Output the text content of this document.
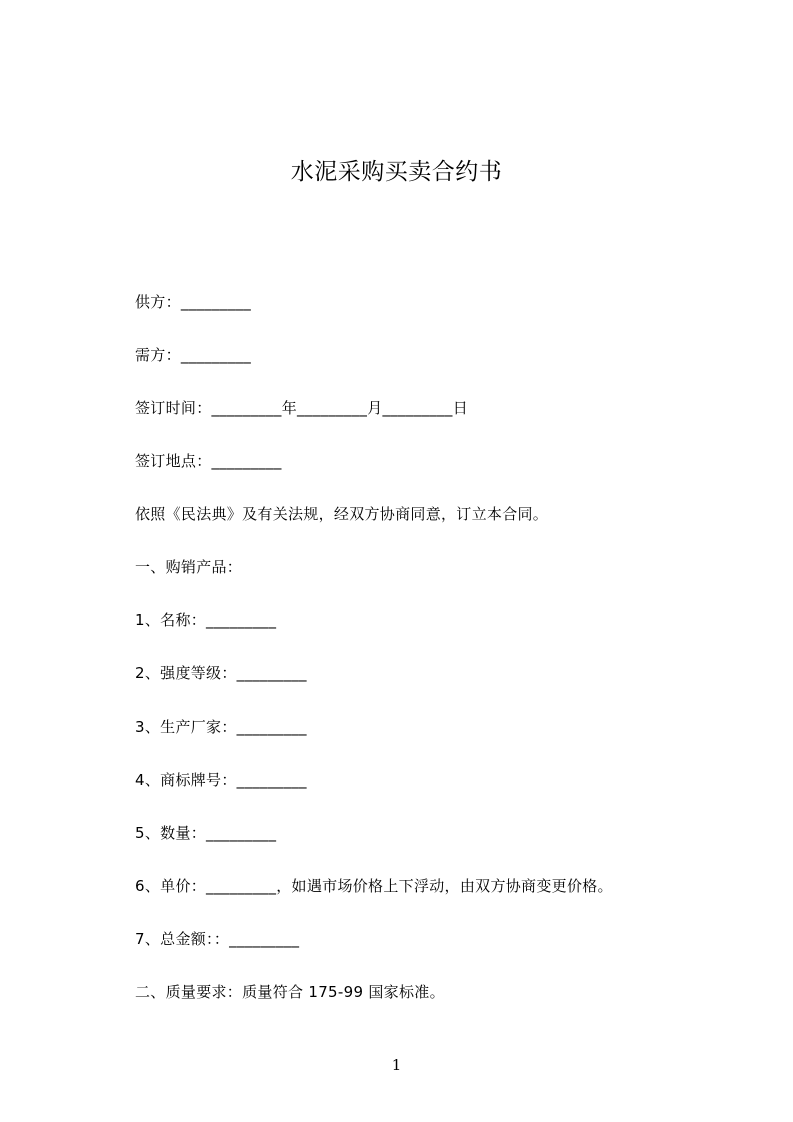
水泥采购买卖合约书
供方：_________
需方：_________
签订时间：_________年_________月_________日
签订地点：_________
依照《民法典》及有关法规，经双方协商同意，订立本合同。
一、购销产品：
1、名称：_________
2、强度等级：_________
3、生产厂家：_________
4、商标牌号：_________
5、数量：_________
6、单价：_________，如遇市场价格上下浮动，由双方协商变更价格。
7、总金额：：_________
二、质量要求：质量符合 175-99 国家标准。
1
